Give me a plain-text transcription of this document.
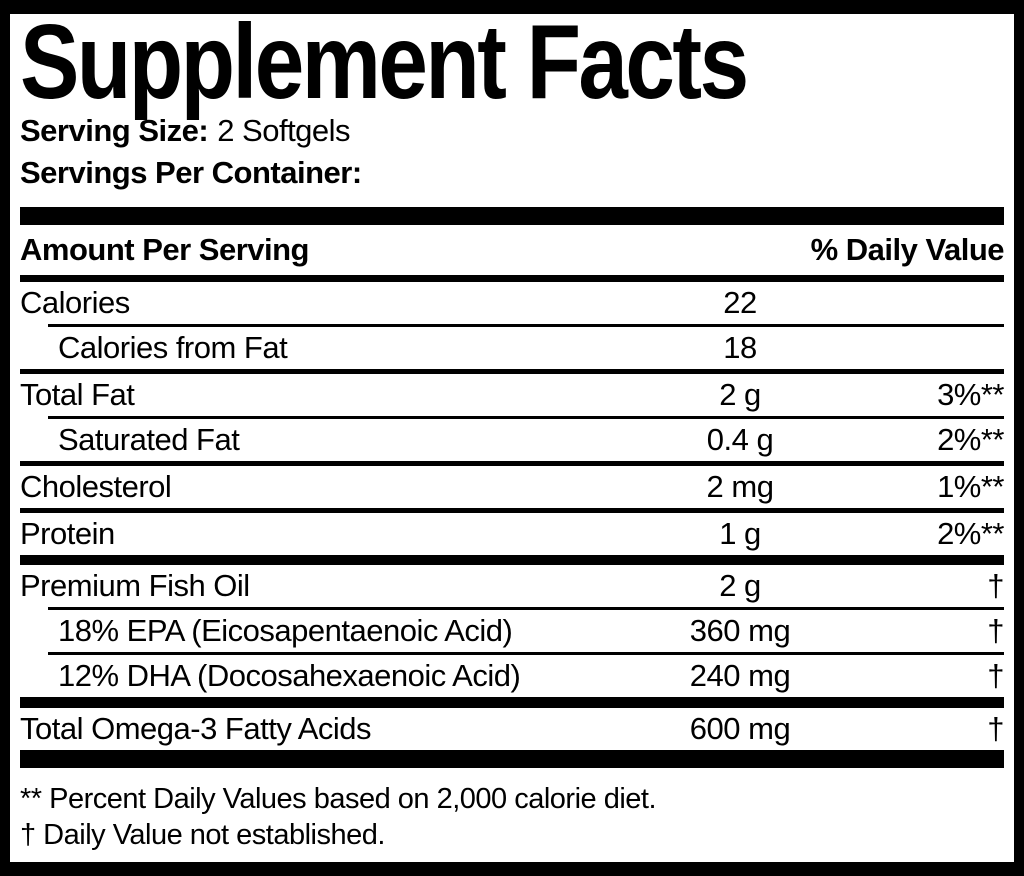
Supplement Facts
Serving Size: 2 Softgels
Servings Per Container:
Amount Per Serving	% Daily Value
Calories	22
Calories from Fat	18
Total Fat	2 g	3%**
Saturated Fat	0.4 g	2%**
Cholesterol	2 mg	1%**
Protein	1 g	2%**
Premium Fish Oil	2 g	†
18% EPA (Eicosapentaenoic Acid)	360 mg	†
12% DHA (Docosahexaenoic Acid)	240 mg	†
Total Omega-3 Fatty Acids	600 mg	†
** Percent Daily Values based on 2,000 calorie diet.
† Daily Value not established.
